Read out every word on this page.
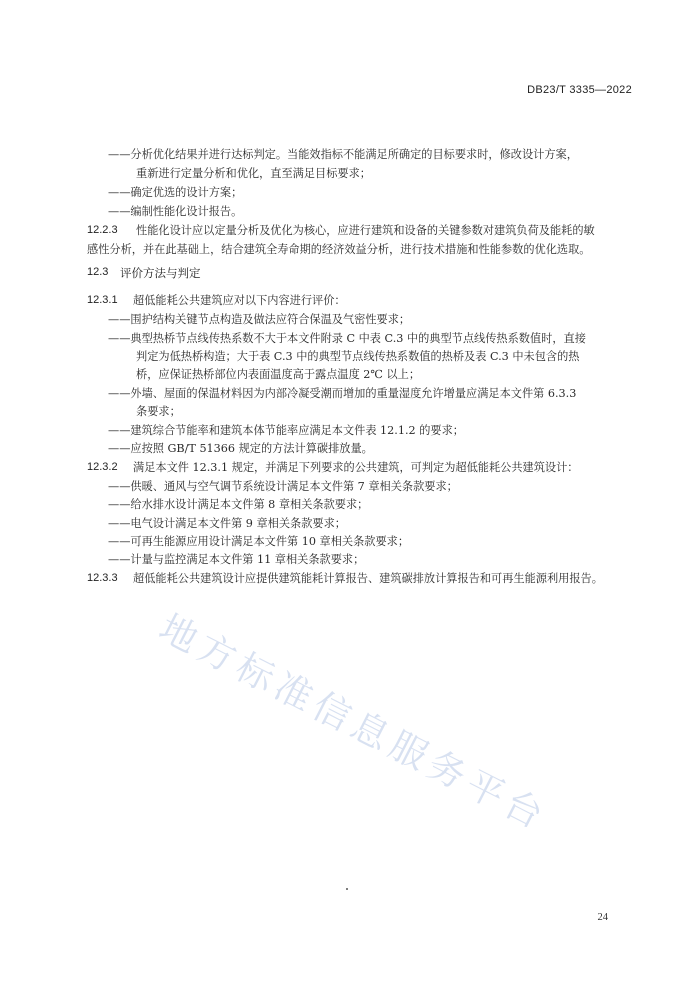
DB23/T 3335—2022
——分析优化结果并进行达标判定。当能效指标不能满足所确定的目标要求时，修改设计方案，
重新进行定量分析和优化，直至满足目标要求；
——确定优选的设计方案；
——编制性能化设计报告。
12.2.3 性能化设计应以定量分析及优化为核心，应进行建筑和设备的关键参数对建筑负荷及能耗的敏
感性分析，并在此基础上，结合建筑全寿命期的经济效益分析，进行技术措施和性能参数的优化选取。
12.3 评价方法与判定
12.3.1 超低能耗公共建筑应对以下内容进行评价：
——围护结构关键节点构造及做法应符合保温及气密性要求；
——典型热桥节点线传热系数不大于本文件附录 C 中表 C.3 中的典型节点线传热系数值时，直接
判定为低热桥构造；大于表 C.3 中的典型节点线传热系数值的热桥及表 C.3 中未包含的热
桥，应保证热桥部位内表面温度高于露点温度 2℃ 以上；
——外墙、屋面的保温材料因为内部冷凝受潮而增加的重量湿度允许增量应满足本文件第 6.3.3
条要求；
——建筑综合节能率和建筑本体节能率应满足本文件表 12.1.2 的要求；
——应按照 GB/T 51366 规定的方法计算碳排放量。
12.3.2 满足本文件 12.3.1 规定，并满足下列要求的公共建筑，可判定为超低能耗公共建筑设计：
——供暖、通风与空气调节系统设计满足本文件第 7 章相关条款要求；
——给水排水设计满足本文件第 8 章相关条款要求；
——电气设计满足本文件第 9 章相关条款要求；
——可再生能源应用设计满足本文件第 10 章相关条款要求；
——计量与监控满足本文件第 11 章相关条款要求；
12.3.3 超低能耗公共建筑设计应提供建筑能耗计算报告、建筑碳排放计算报告和可再生能源利用报告。
地方标准信息服务平台
24
